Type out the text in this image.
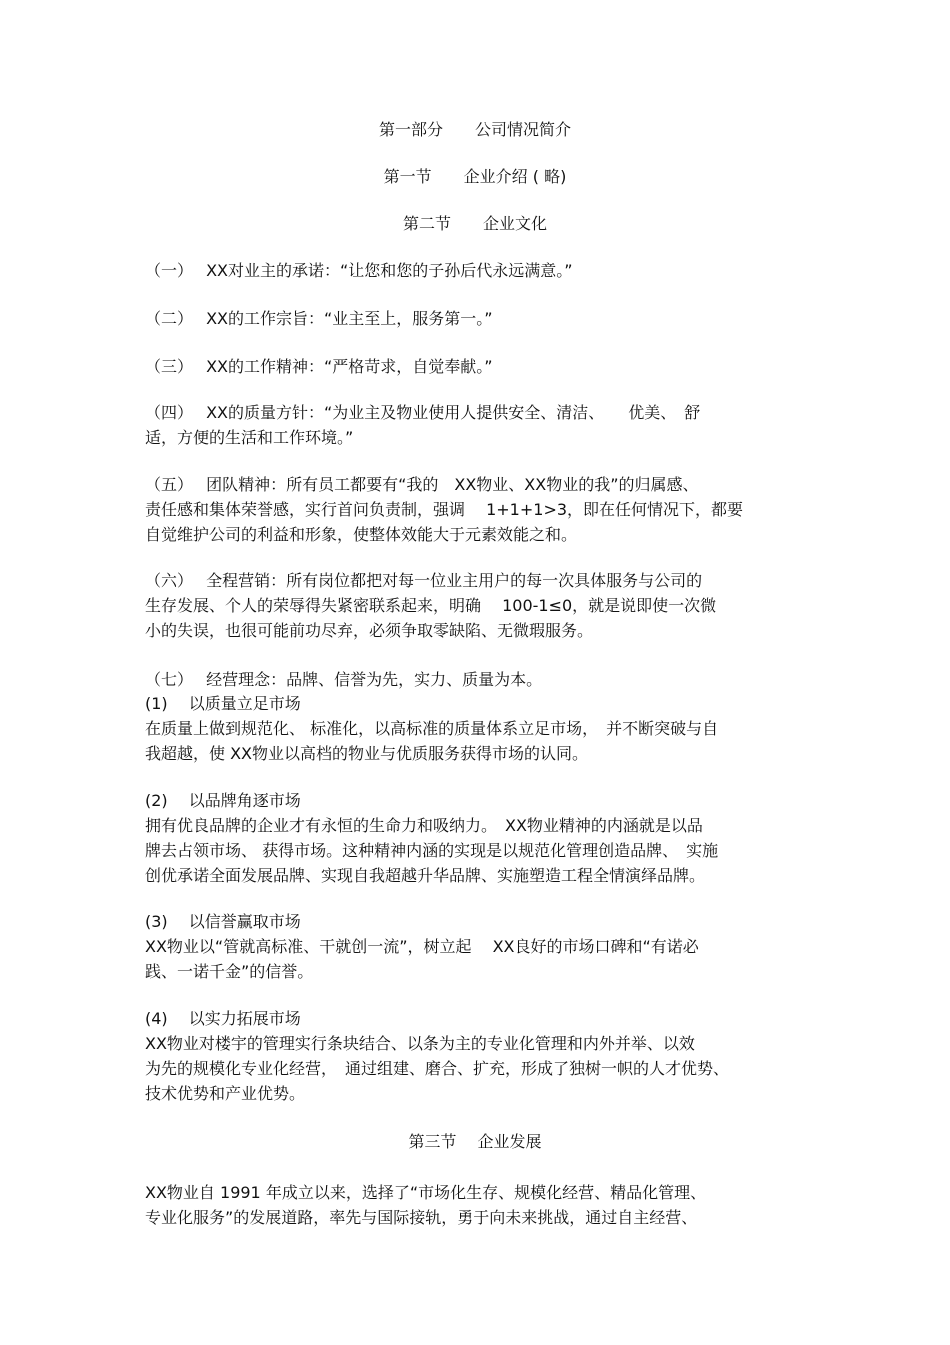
第一部分　　公司情况简介
第一节　　企业介绍 ( 略)
第二节　　企业文化
（一）　 XX对业主的承诺：“让您和您的子孙后代永远满意。”
（二）　 XX的工作宗旨：“业主至上，服务第一。”
（三）　 XX的工作精神：“严格苛求，自觉奉献。”
（四）　 XX的质量方针：“为业主及物业使用人提供安全、清洁、　　优美、　舒
适，方便的生活和工作环境。”
（五）　 团队精神：所有员工都要有“我的　XX物业、XX物业的我”的归属感、
责任感和集体荣誉感，实行首问负责制，强调　 1+1+1>3，即在任何情况下，都要
自觉维护公司的利益和形象，使整体效能大于元素效能之和。
（六）　 全程营销：所有岗位都把对每一位业主用户的每一次具体服务与公司的
生存发展、个人的荣辱得失紧密联系起来，明确　 100-1≤0，就是说即使一次微
小的失误，也很可能前功尽弃，必须争取零缺陷、无微瑕服务。
（七）　 经营理念：品牌、信誉为先，实力、质量为本。
(1)　 以质量立足市场
在质量上做到规范化、 标准化，以高标准的质量体系立足市场，　并不断突破与自
我超越，使 XX物业以高档的物业与优质服务获得市场的认同。
(2)　 以品牌角逐市场
拥有优良品牌的企业才有永恒的生命力和吸纳力。　XX物业精神的内涵就是以品
牌去占领市场、 获得市场。这种精神内涵的实现是以规范化管理创造品牌、　实施
创优承诺全面发展品牌、实现自我超越升华品牌、实施塑造工程全情演绎品牌。
(3)　 以信誉赢取市场
XX物业以“管就高标准、干就创一流”，树立起　 XX良好的市场口碑和“有诺必
践、一诺千金”的信誉。
(4)　 以实力拓展市场
XX物业对楼宇的管理实行条块结合、以条为主的专业化管理和内外并举、以效
为先的规模化专业化经营，　通过组建、磨合、扩充，形成了独树一帜的人才优势、
技术优势和产业优势。
第三节　 企业发展
XX物业自 1991 年成立以来，选择了“市场化生存、规模化经营、精品化管理、
专业化服务”的发展道路，率先与国际接轨，勇于向未来挑战，通过自主经营、
